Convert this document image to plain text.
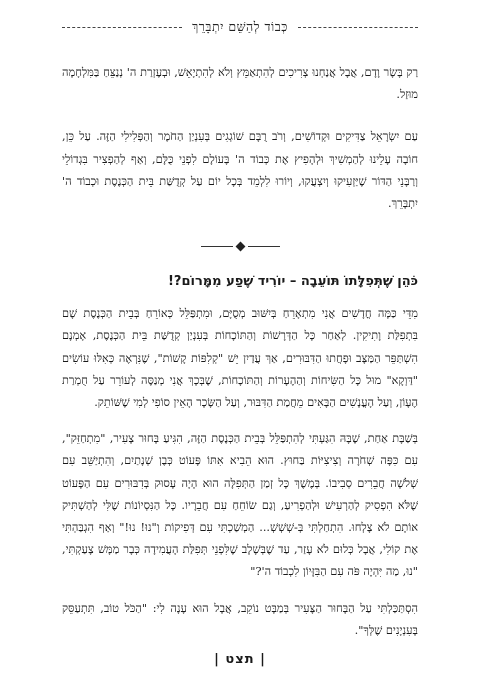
כְּבוֹד לְהַשֵּׁם יִתְבָּרֵךְ

רַק בָּשָׂר וָדָם, אֲבָל אֲנַחְנוּ צְרִיכִים לְהִתְאַמֵּץ וְלֹא לְהִתְיָאֵשׁ, וּבְעֶזְרַת ה' נְנַצֵּחַ בַּמִּלְחָמָה מוּזַל.

עַם יִשְׂרָאֵל צַדִּיקִים וּקְדוֹשִׁים, וְרֹב רֻבָּם שׁוֹגְגִים בְּעִנְיַן הַחֹמֶר וְהַפְּלִילִי הַזֶּה. עַל כֵּן, חוֹבָה עָלֵינוּ לְהַמְשִׁיךְ וּלְהָפִיץ אֶת כְּבוֹד ה' בָּעוֹלָם לִפְנֵי כֻּלָּם, וְאַף לְהַפְצִיר בִּגְדוֹלֵי וְרַבָּנֵי הַדּוֹר שֶׁיַּזְעִיקוּ וְיִצְעֲקוּ, וְיוֹרוּ לִלְמֵד בְּכָל יוֹם עַל קְדֻשַּׁת בֵּית הַכְּנֶסֶת וּכְבוֹד ה' יִתְבָּרֵךְ.

כֹּהֵן שֶׁתְּפִלָּתוֹ תּוֹעֵבָה – יוֹרִיד שֶׁפַע מִמָּרוֹם?!

מִדֵּי כַּמָּה חֳדָשִׁים אֲנִי מִתְאָרֵחַ בְּיִשּׁוּב מְסֻיָּם, וּמִתְפַּלֵּל כְּאוֹרֵחַ בְּבֵית הַכְּנֶסֶת שָׁם בִּתְפִלַּת וָתִיקִין. לְאַחַר כָּל הַדְּרָשׁוֹת וְהַתּוֹכָחוֹת בְּעִנְיַן קְדֻשַּׁת בֵּית הַכְּנֶסֶת, אָמְנָם הִשְׁתַּפֵּר הַמַּצָּב וּפָחֲתוּ הַדִּבּוּרִים, אַךְ עֲדַיִן יֵשׁ "קְלִפּוֹת קָשׁוֹת", שֶׁנִּרְאֶה כְּאִלּוּ עוֹשִׂים "דַּוְקָא" מוּל כָּל הַשִּׂיחוֹת וְהַהֶעָרוֹת וְהַתּוֹכָחוֹת, שֶׁבְּכָךְ אֲנִי מְנַסֶּה לְעוֹרֵר עַל חֻמְרַת הֶעָוֹן, וְעַל הָעֳנָשִׁים הַבָּאִים מֵחֲמַת הַדִּבּוּר, וְעַל הַשָּׂכָר הָאֵין סוֹפִי לְמִי שֶׁשּׁוֹתֵק.

בְּשַׁבָּת אַחַת, שֶׁבָּהּ הִגַּעְתִּי לְהִתְפַּלֵּל בְּבֵית הַכְּנֶסֶת הַזֶּה, הִגִּיעַ בָּחוּר צָעִיר, "מִתְחַזֵּק", עִם כִּפָּה שְׁחֹרָה וְצִיצִיּוֹת בַּחוּץ. הוּא הֵבִיא אִתּוֹ פָּעוֹט כְּבֶן שְׁנָתַיִם, וְהִתְיַשֵּׁב עִם שְׁלֹשָׁה חֲבֵרִים סְבִיבוֹ. בְּמֶשֶׁךְ כָּל זְמַן הַתְּפִלָּה הוּא הָיָה עָסוּק בְּדִבּוּרִים עִם הַפָּעוֹט שֶׁלֹּא הִפְסִיק לְהַרְעִישׁ וּלְהַפְרִיעַ, וְגַם שׂוֹחֵחַ עִם חֲבֵרָיו. כָּל הַנִּסְיוֹנוֹת שֶׁלִּי לְהַשְׁתִּיק אוֹתָם לֹא צָלְחוּ. הִתְחַלְתִּי בְּ-שְׁשְׁשְׁ... הַמְשַׁכְתִּי עִם דְּפִיקוֹת וְ"נוּ! נוּ!" וְאַף הִגְבַּהְתִּי אֶת קוֹלִי, אֲבָל כְּלוּם לֹא עָזַר, עַד שֶׁבְּשָׁלָב שֶׁלִּפְנֵי תְּפִלַּת הָעֲמִידָה כְּבָר מַמָּשׁ צָעַקְתִּי, "נוּ, מַה יִּהְיֶה פֹּה עִם הַבִּזָּיוֹן לִכְבוֹד ה'?"

הִסְתַּכַּלְתִּי עַל הַבָּחוּר הַצָּעִיר בְּמַבָּט נוֹקֵב, אֲבָל הוּא עָנָה לִי: "הַכֹּל טוֹב, תִּתְעַסֵּק בָּעִנְיָנִים שֶׁלְּךָ".

| תצט |
